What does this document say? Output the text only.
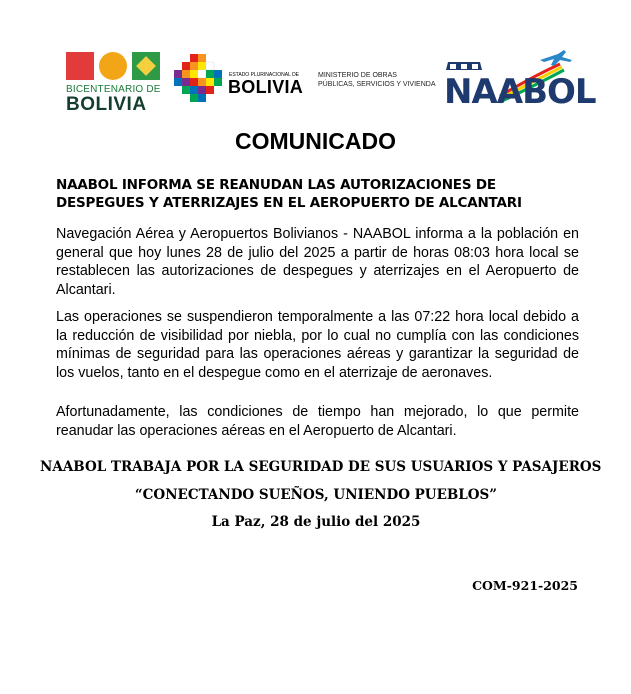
BICENTENARIO DE
BOLIVIA
ESTADO PLURINACIONAL DE
BOLIVIA
MINISTERIO DE OBRAS
PÚBLICAS, SERVICIOS Y VIVIENDA NAABOL
COMUNICADO
NAABOL INFORMA SE REANUDAN LAS AUTORIZACIONES DE DESPEGUES Y ATERRIZAJES EN EL AEROPUERTO DE ALCANTARI
Navegación Aérea y Aeropuertos Bolivianos - NAABOL informa a la población en general que hoy lunes 28 de julio del 2025 a partir de horas 08:03 hora local se restablecen las autorizaciones de despegues y aterrizajes en el Aeropuerto de Alcantari.
Las operaciones se suspendieron temporalmente a las 07:22 hora local debido a la reducción de visibilidad por niebla, por lo cual no cumplía con las condiciones mínimas de seguridad para las operaciones aéreas y garantizar la seguridad de los vuelos, tanto en el despegue como en el aterrizaje de aeronaves.
Afortunadamente, las condiciones de tiempo han mejorado, lo que permite reanudar las operaciones aéreas en el Aeropuerto de Alcantari.
NAABOL TRABAJA POR LA SEGURIDAD DE SUS USUARIOS Y PASAJEROS
“CONECTANDO SUEÑOS, UNIENDO PUEBLOS”
La Paz, 28 de julio del 2025
COM-921-2025
